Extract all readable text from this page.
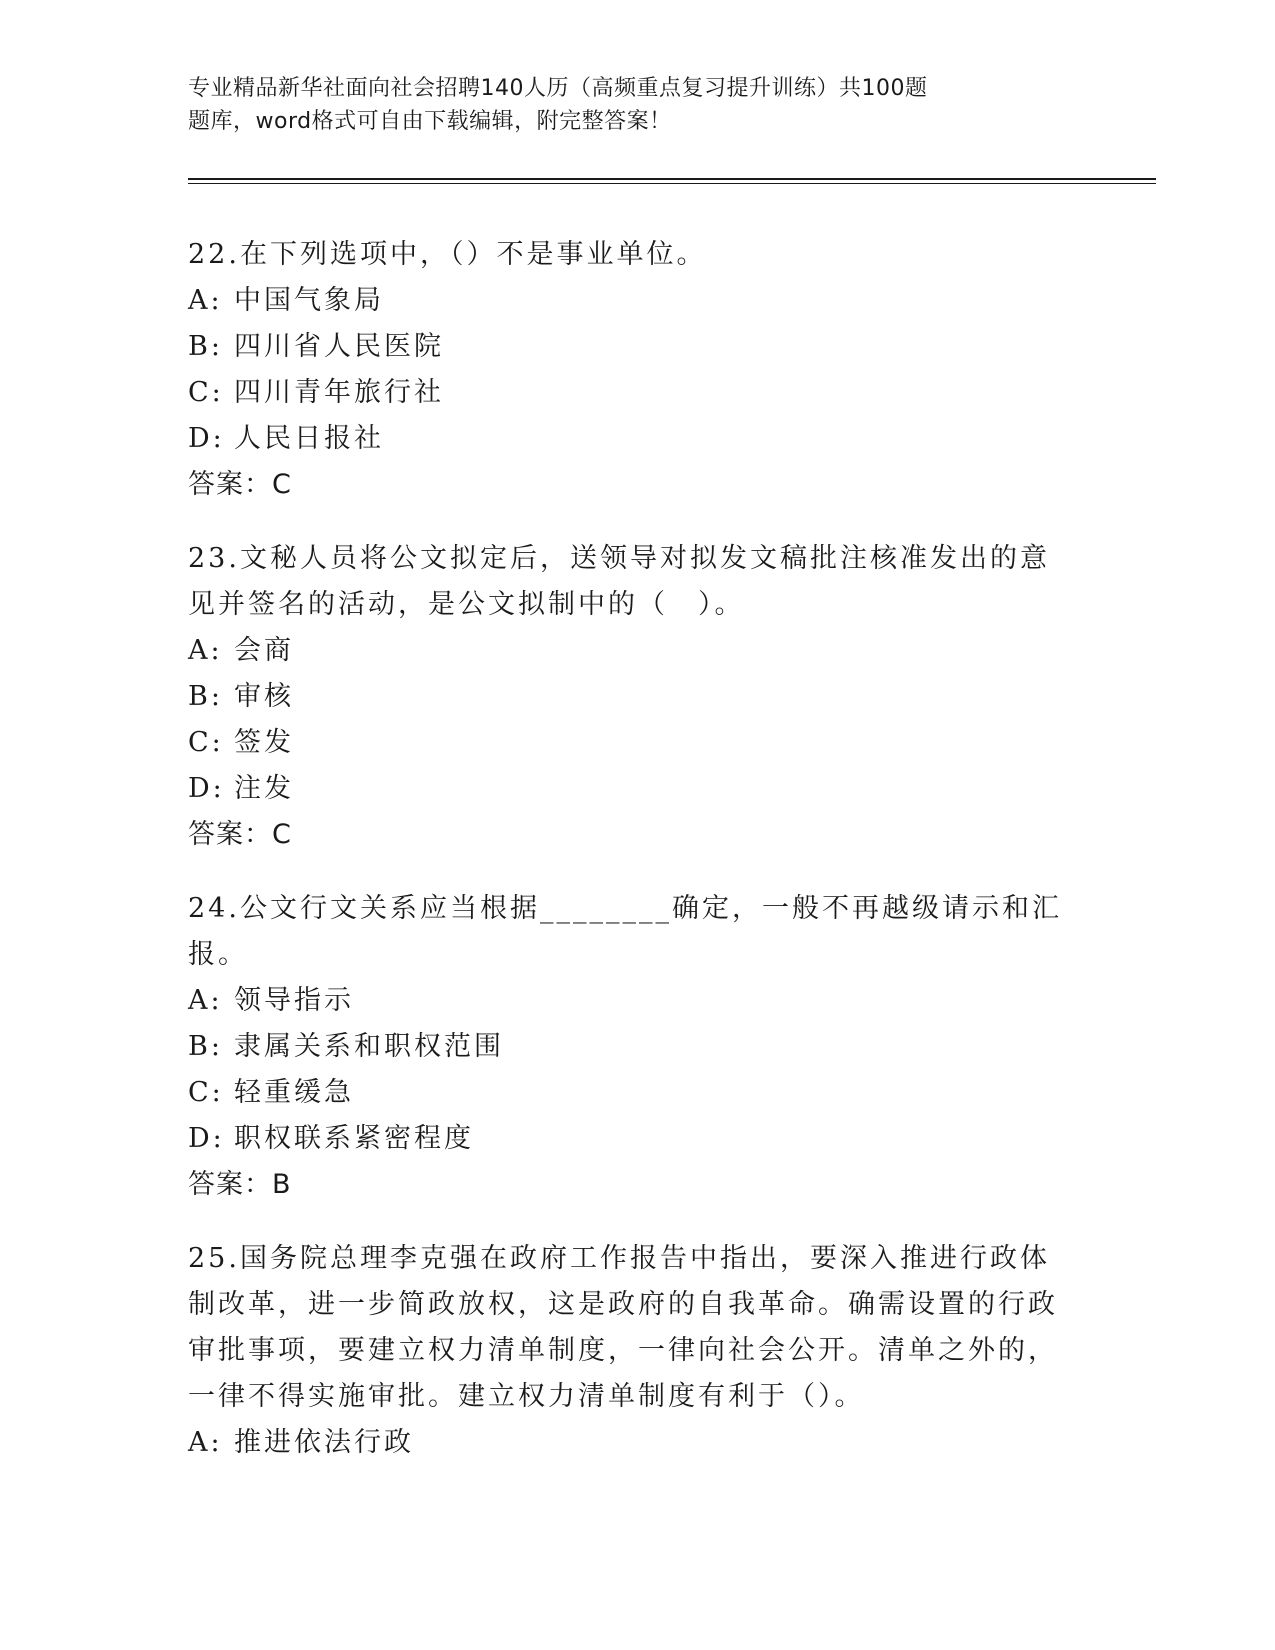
专业精品新华社面向社会招聘140人历（高频重点复习提升训练）共100题
题库，word格式可自由下载编辑，附完整答案！

22.在下列选项中，（）不是事业单位。

A: 中国气象局

B: 四川省人民医院

C: 四川青年旅行社

D: 人民日报社

答案：C

23.文秘人员将公文拟定后，送领导对拟发文稿批注核准发出的意见并签名的活动，是公文拟制中的（　）。

A: 会商

B: 审核

C: 签发

D: 注发

答案：C

24.公文行文关系应当根据________确定，一般不再越级请示和汇报。

A: 领导指示

B: 隶属关系和职权范围

C: 轻重缓急

D: 职权联系紧密程度

答案：B

25.国务院总理李克强在政府工作报告中指出，要深入推进行政体制改革，进一步简政放权，这是政府的自我革命。确需设置的行政审批事项，要建立权力清单制度，一律向社会公开。清单之外的，一律不得实施审批。建立权力清单制度有利于（）。

A: 推进依法行政
